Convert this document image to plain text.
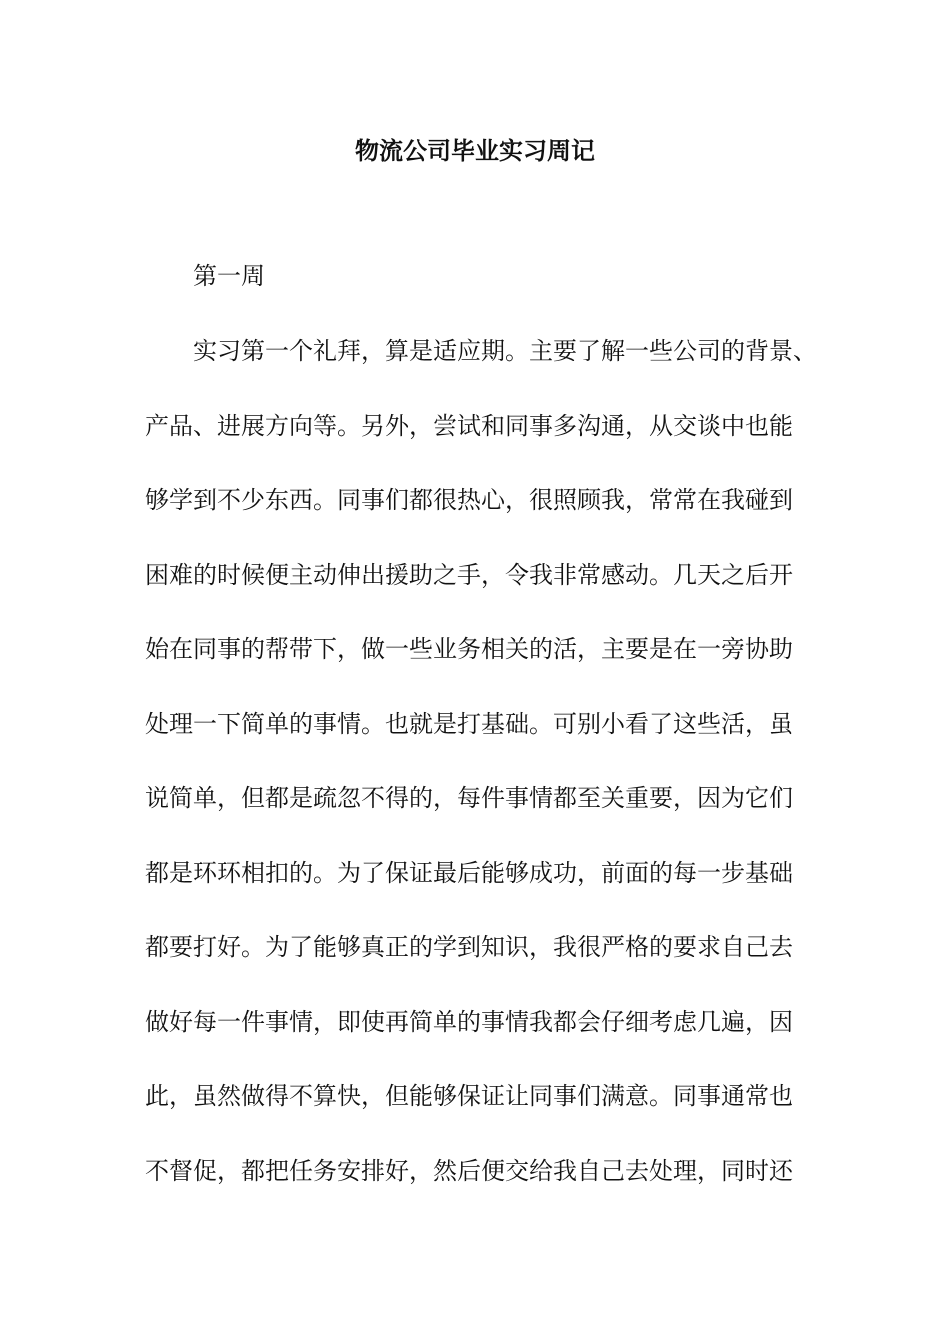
物流公司毕业实习周记

第一周

实习第一个礼拜，算是适应期。主要了解一些公司的背景、

产品、进展方向等。另外，尝试和同事多沟通，从交谈中也能

够学到不少东西。同事们都很热心，很照顾我，常常在我碰到

困难的时候便主动伸出援助之手，令我非常感动。几天之后开

始在同事的帮带下，做一些业务相关的活，主要是在一旁协助

处理一下简单的事情。也就是打基础。可别小看了这些活，虽

说简单，但都是疏忽不得的，每件事情都至关重要，因为它们

都是环环相扣的。为了保证最后能够成功，前面的每一步基础

都要打好。为了能够真正的学到知识，我很严格的要求自己去

做好每一件事情，即使再简单的事情我都会仔细考虑几遍，因

此，虽然做得不算快，但能够保证让同事们满意。同事通常也

不督促，都把任务安排好，然后便交给我自己去处理，同时还
